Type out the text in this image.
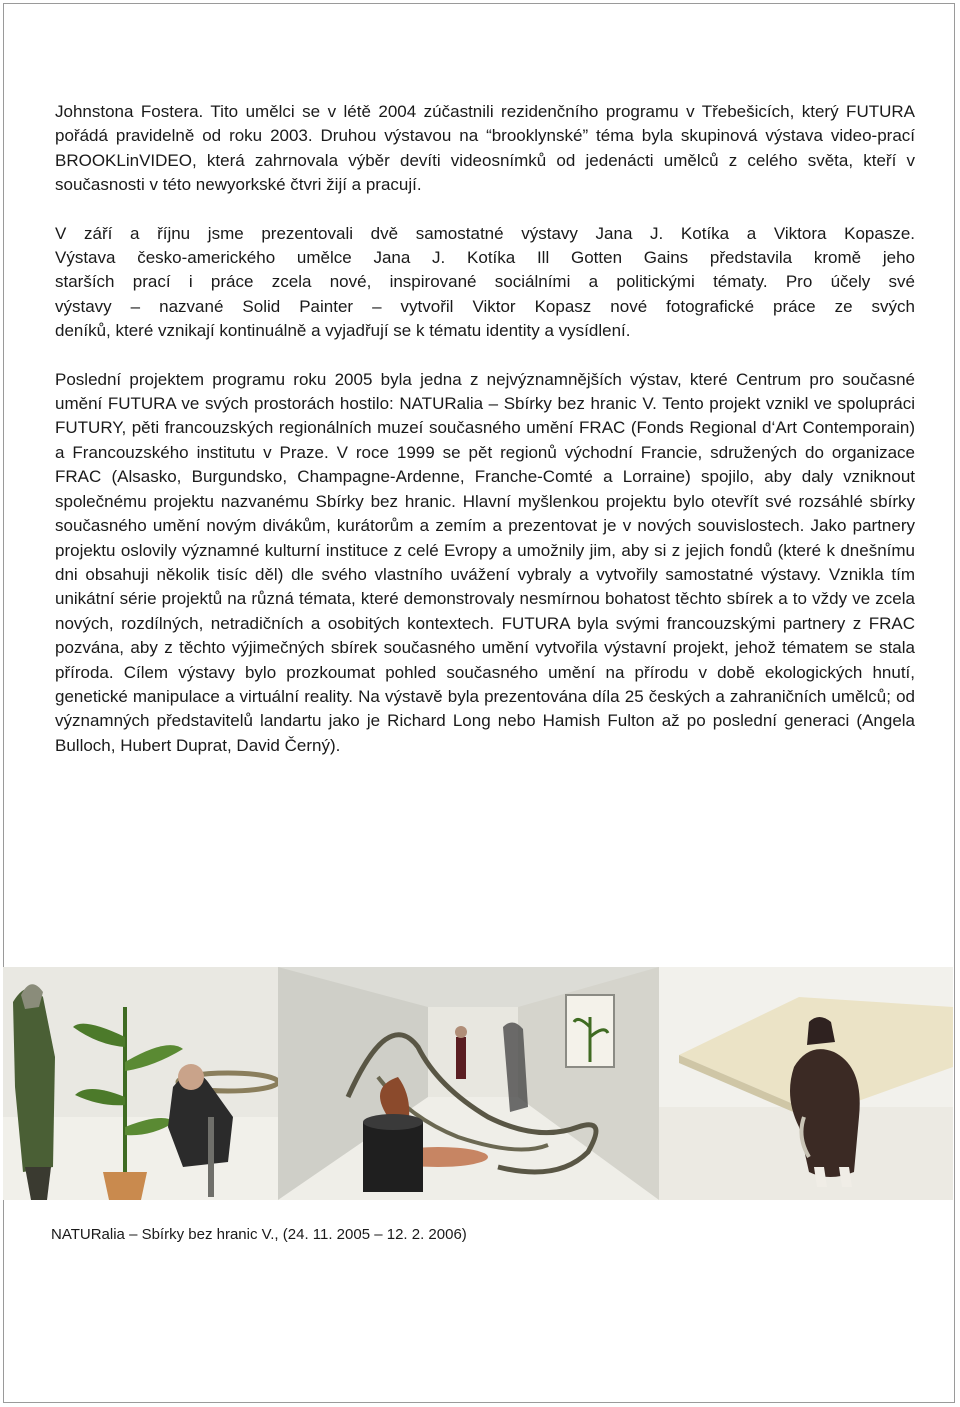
Johnstona Fostera. Tito umělci se v létě 2004 zúčastnili rezidenčního programu v Třebešicích, který FUTURA pořádá pravidelně od roku 2003. Druhou výstavou na “brooklynské” téma byla skupinová výstava video-prací BROOKLinVIDEO, která zahrnovala výběr devíti videosnímků od jedenácti umělců z celého světa, kteří v současnosti v této newyorkské čtvri žijí a pracují.

V září a říjnu jsme prezentovali dvě samostatné výstavy Jana J. Kotíka a Viktora Kopasze.
Výstava česko-amerického umělce Jana J. Kotíka Ill Gotten Gains představila kromě jeho
starších prací i práce zcela nové, inspirované sociálními a politickými tématy. Pro účely své
výstavy – nazvané Solid Painter – vytvořil Viktor Kopasz nové fotografické práce ze svých
deníků, které vznikají kontinuálně a vyjadřují se k tématu identity a vysídlení.

Poslední projektem programu roku 2005 byla jedna z nejvýznamnějších výstav, které Centrum pro současné umění FUTURA ve svých prostorách hostilo: NATURalia – Sbírky bez hranic V. Tento projekt vznikl ve spolupráci FUTURY, pěti francouzských regionálních muzeí současného umění FRAC (Fonds Regional d‘Art Contemporain) a Francouzského institutu v Praze. V roce 1999 se pět regionů východní Francie, sdružených do organizace FRAC (Alsasko, Burgundsko, Champagne-Ardenne, Franche-Comté a Lorraine) spojilo, aby daly vzniknout společnému projektu nazvanému Sbírky bez hranic. Hlavní myšlenkou projektu bylo otevřít své rozsáhlé sbírky současného umění novým divákům, kurátorům a zemím a prezentovat je v nových souvislostech. Jako partnery projektu oslovily významné kulturní instituce z celé Evropy a umožnily jim, aby si z jejich fondů (které k dnešnímu dni obsahuji několik tisíc děl) dle svého vlastního uvážení vybraly a vytvořily samostatné výstavy. Vznikla tím unikátní série projektů na různá témata, které demonstrovaly nesmírnou bohatost těchto sbírek a to vždy ve zcela nových, rozdílných, netradičních a osobitých kontextech. FUTURA byla svými francouzskými partnery z FRAC pozvána, aby z těchto výjimečných sbírek současného umění vytvořila výstavní projekt, jehož tématem se stala příroda. Cílem výstavy bylo prozkoumat pohled současného umění na přírodu v době ekologických hnutí, genetické manipulace a virtuální reality. Na výstavě byla prezentována díla 25 českých a zahraničních umělců; od významných představitelů landartu jako je Richard Long nebo Hamish Fulton až po poslední generaci (Angela Bulloch, Hubert Duprat, David Černý).

NATURalia – Sbírky bez hranic V., (24. 11. 2005 – 12. 2. 2006)
